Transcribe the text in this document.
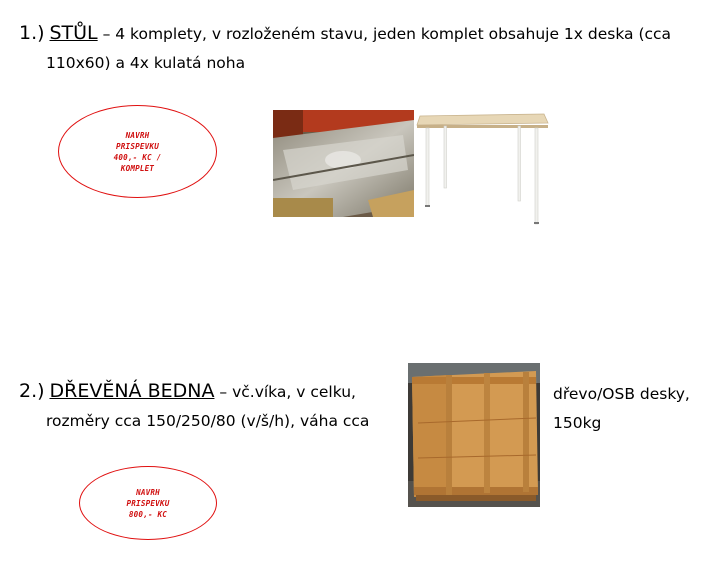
1.) STŮL – 4 komplety, v rozloženém stavu, jeden komplet obsahuje 1x deska (cca
110x60) a 4x kulatá noha
NAVRH
PRISPEVKU
400,- KC /
KOMPLET
2.) DŘEVĚNÁ BEDNA – vč.víka, v celku,
rozměry cca 150/250/80 (v/š/h), váha cca
dřevo/OSB desky,
150kg
NAVRH
PRISPEVKU
800,- KC
